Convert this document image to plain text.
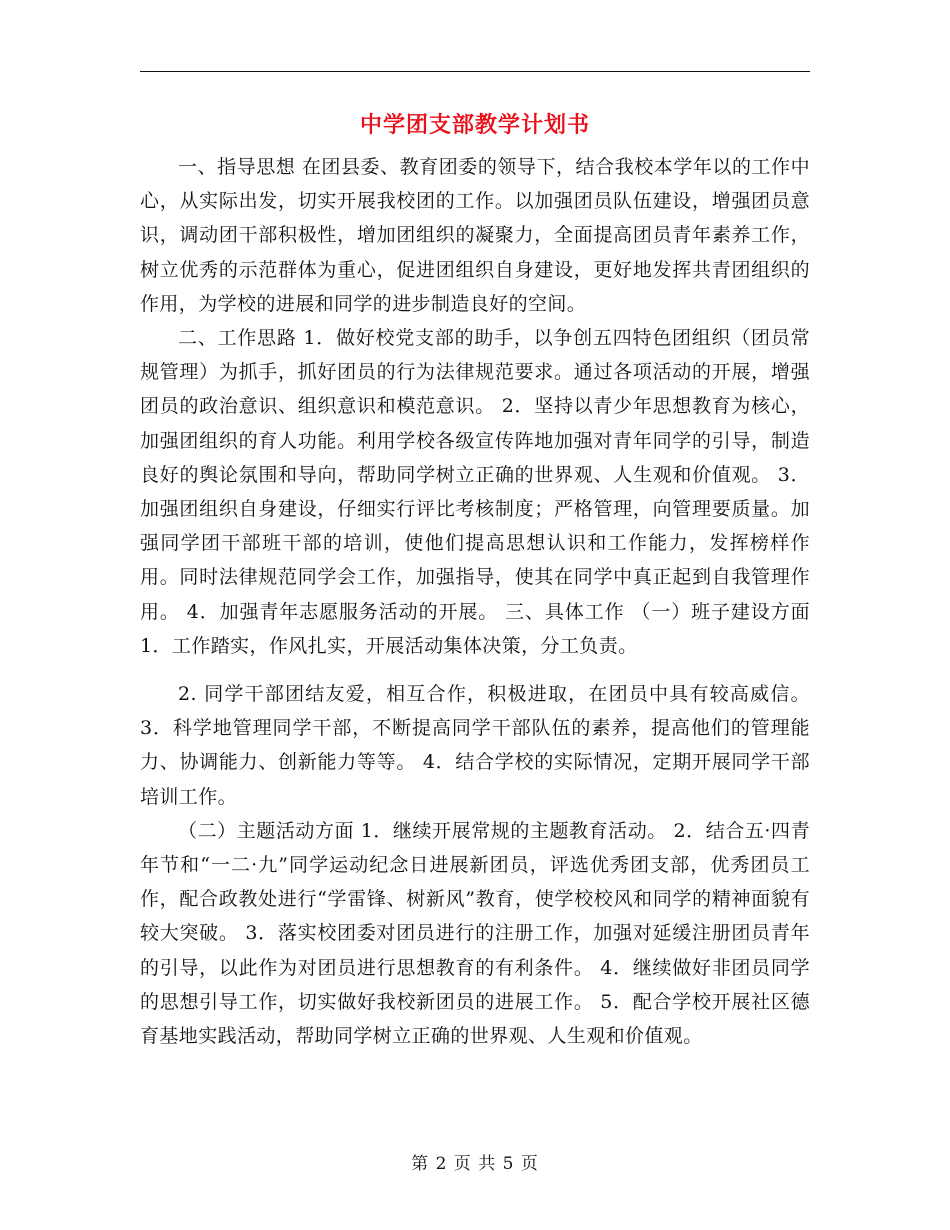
中学团支部教学计划书

一、指导思想 在团县委、教育团委的领导下，结合我校本学年以的工作中心，从实际出发，切实开展我校团的工作。以加强团员队伍建设，增强团员意识，调动团干部积极性，增加团组织的凝聚力，全面提高团员青年素养工作，树立优秀的示范群体为重心，促进团组织自身建设，更好地发挥共青团组织的作用，为学校的进展和同学的进步制造良好的空间。

二、工作思路 1．做好校党支部的助手，以争创五四特色团组织（团员常规管理）为抓手，抓好团员的行为法律规范要求。通过各项活动的开展，增强团员的政治意识、组织意识和模范意识。 2．坚持以青少年思想教育为核心，加强团组织的育人功能。利用学校各级宣传阵地加强对青年同学的引导，制造良好的舆论氛围和导向，帮助同学树立正确的世界观、人生观和价值观。 3．加强团组织自身建设，仔细实行评比考核制度；严格管理，向管理要质量。加强同学团干部班干部的培训，使他们提高思想认识和工作能力，发挥榜样作用。同时法律规范同学会工作，加强指导，使其在同学中真正起到自我管理作用。 4．加强青年志愿服务活动的开展。 三、具体工作 （一）班子建设方面 1．工作踏实，作风扎实，开展活动集体决策，分工负责。

2. 同学干部团结友爱，相互合作，积极进取，在团员中具有较高威信。 3．科学地管理同学干部，不断提高同学干部队伍的素养，提高他们的管理能力、协调能力、创新能力等等。 4．结合学校的实际情况，定期开展同学干部培训工作。

（二）主题活动方面 1．继续开展常规的主题教育活动。 2．结合五·四青年节和“一二·九”同学运动纪念日进展新团员，评选优秀团支部，优秀团员工作，配合政教处进行“学雷锋、树新风”教育，使学校校风和同学的精神面貌有较大突破。 3．落实校团委对团员进行的注册工作，加强对延缓注册团员青年的引导，以此作为对团员进行思想教育的有利条件。 4．继续做好非团员同学的思想引导工作，切实做好我校新团员的进展工作。 5．配合学校开展社区德育基地实践活动，帮助同学树立正确的世界观、人生观和价值观。

第 2 页 共 5 页
